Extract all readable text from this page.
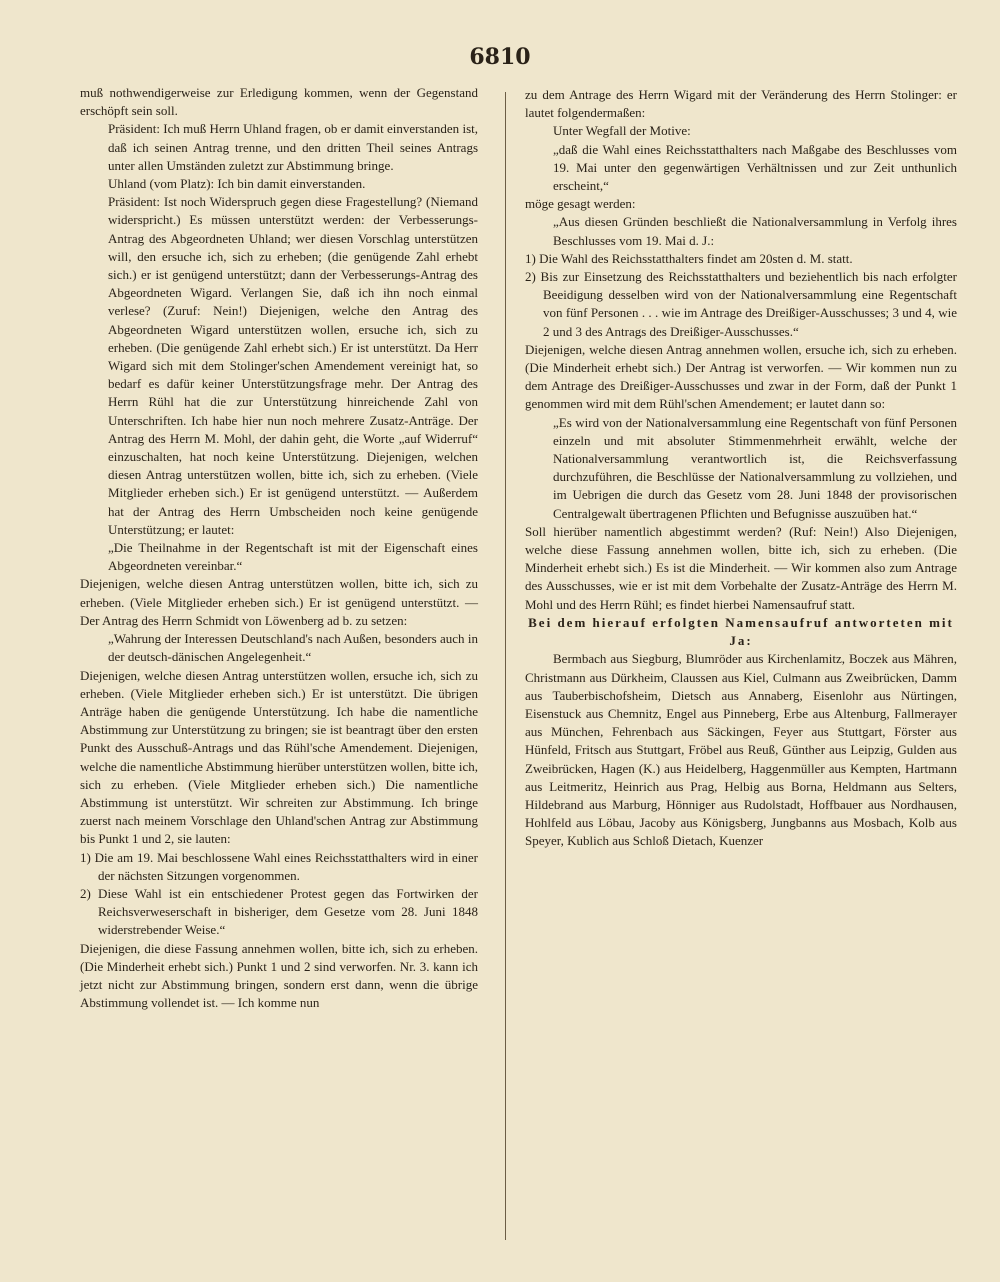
6810

muß nothwendigerweise zur Erledigung kommen, wenn der Gegenstand erschöpft sein soll.

Präsident: Ich muß Herrn Uhland fragen, ob er damit einverstanden ist, daß ich seinen Antrag trenne, und den dritten Theil seines Antrags unter allen Umständen zuletzt zur Abstimmung bringe.

Uhland (vom Platz): Ich bin damit einverstanden.

Präsident: Ist noch Widerspruch gegen diese Fragestellung? (Niemand widerspricht.) Es müssen unterstützt werden: der Verbesserungs-Antrag des Abgeordneten Uhland; wer diesen Vorschlag unterstützen will, den ersuche ich, sich zu erheben; (die genügende Zahl erhebt sich.) er ist genügend unterstützt; dann der Verbesserungs-Antrag des Abgeordneten Wigard. Verlangen Sie, daß ich ihn noch einmal verlese? (Zuruf: Nein!) Diejenigen, welche den Antrag des Abgeordneten Wigard unterstützen wollen, ersuche ich, sich zu erheben. (Die genügende Zahl erhebt sich.) Er ist unterstützt. Da Herr Wigard sich mit dem Stolinger'schen Amendement vereinigt hat, so bedarf es dafür keiner Unterstützungsfrage mehr. Der Antrag des Herrn Rühl hat die zur Unterstützung hinreichende Zahl von Unterschriften. Ich habe hier nun noch mehrere Zusatz-Anträge. Der Antrag des Herrn M. Mohl, der dahin geht, die Worte „auf Widerruf“ einzuschalten, hat noch keine Unterstützung. Diejenigen, welchen diesen Antrag unterstützen wollen, bitte ich, sich zu erheben. (Viele Mitglieder erheben sich.) Er ist genügend unterstützt. — Außerdem hat der Antrag des Herrn Umbscheiden noch keine genügende Unterstützung; er lautet:

„Die Theilnahme in der Regentschaft ist mit der Eigenschaft eines Abgeordneten vereinbar.“

Diejenigen, welche diesen Antrag unterstützen wollen, bitte ich, sich zu erheben. (Viele Mitglieder erheben sich.) Er ist genügend unterstützt. — Der Antrag des Herrn Schmidt von Löwenberg ad b. zu setzen:

„Wahrung der Interessen Deutschland's nach Außen, besonders auch in der deutsch-dänischen Angelegenheit.“

Diejenigen, welche diesen Antrag unterstützen wollen, ersuche ich, sich zu erheben. (Viele Mitglieder erheben sich.) Er ist unterstützt. Die übrigen Anträge haben die genügende Unterstützung. Ich habe die namentliche Abstimmung zur Unterstützung zu bringen; sie ist beantragt über den ersten Punkt des Ausschuß-Antrags und das Rühl'sche Amendement. Diejenigen, welche die namentliche Abstimmung hierüber unterstützen wollen, bitte ich, sich zu erheben. (Viele Mitglieder erheben sich.) Die namentliche Abstimmung ist unterstützt. Wir schreiten zur Abstimmung. Ich bringe zuerst nach meinem Vorschlage den Uhland'schen Antrag zur Abstimmung bis Punkt 1 und 2, sie lauten:

1) Die am 19. Mai beschlossene Wahl eines Reichsstatthalters wird in einer der nächsten Sitzungen vorgenommen.

2) Diese Wahl ist ein entschiedener Protest gegen das Fortwirken der Reichsverweserschaft in bisheriger, dem Gesetze vom 28. Juni 1848 widerstrebender Weise.“

Diejenigen, die diese Fassung annehmen wollen, bitte ich, sich zu erheben. (Die Minderheit erhebt sich.) Punkt 1 und 2 sind verworfen. Nr. 3. kann ich jetzt nicht zur Abstimmung bringen, sondern erst dann, wenn die übrige Abstimmung vollendet ist. — Ich komme nun

zu dem Antrage des Herrn Wigard mit der Veränderung des Herrn Stolinger: er lautet folgendermaßen:

Unter Wegfall der Motive:

„daß die Wahl eines Reichsstatthalters nach Maßgabe des Beschlusses vom 19. Mai unter den gegenwärtigen Verhältnissen und zur Zeit unthunlich erscheint,“

möge gesagt werden:

„Aus diesen Gründen beschließt die Nationalversammlung in Verfolg ihres Beschlusses vom 19. Mai d. J.:

1) Die Wahl des Reichsstatthalters findet am 20sten d. M. statt.

2) Bis zur Einsetzung des Reichsstatthalters und beziehentlich bis nach erfolgter Beeidigung desselben wird von der Nationalversammlung eine Regentschaft von fünf Personen . . . wie im Antrage des Dreißiger-Ausschusses; 3 und 4, wie 2 und 3 des Antrags des Dreißiger-Ausschusses.“

Diejenigen, welche diesen Antrag annehmen wollen, ersuche ich, sich zu erheben. (Die Minderheit erhebt sich.) Der Antrag ist verworfen. — Wir kommen nun zu dem Antrage des Dreißiger-Ausschusses und zwar in der Form, daß der Punkt 1 genommen wird mit dem Rühl'schen Amendement; er lautet dann so:

„Es wird von der Nationalversammlung eine Regentschaft von fünf Personen einzeln und mit absoluter Stimmenmehrheit erwählt, welche der Nationalversammlung verantwortlich ist, die Reichsverfassung durchzuführen, die Beschlüsse der Nationalversammlung zu vollziehen, und im Uebrigen die durch das Gesetz vom 28. Juni 1848 der provisorischen Centralgewalt übertragenen Pflichten und Befugnisse auszuüben hat.“

Soll hierüber namentlich abgestimmt werden? (Ruf: Nein!) Also Diejenigen, welche diese Fassung annehmen wollen, bitte ich, sich zu erheben. (Die Minderheit erhebt sich.) Es ist die Minderheit. — Wir kommen also zum Antrage des Ausschusses, wie er ist mit dem Vorbehalte der Zusatz-Anträge des Herrn M. Mohl und des Herrn Rühl; es findet hierbei Namensaufruf statt.

Bei dem hierauf erfolgten Namensaufruf antworteten mit Ja:

Bermbach aus Siegburg, Blumröder aus Kirchenlamitz, Boczek aus Mähren, Christmann aus Dürkheim, Claussen aus Kiel, Culmann aus Zweibrücken, Damm aus Tauberbischofsheim, Dietsch aus Annaberg, Eisenlohr aus Nürtingen, Eisenstuck aus Chemnitz, Engel aus Pinneberg, Erbe aus Altenburg, Fallmerayer aus München, Fehrenbach aus Säckingen, Feyer aus Stuttgart, Förster aus Hünfeld, Fritsch aus Stuttgart, Fröbel aus Reuß, Günther aus Leipzig, Gulden aus Zweibrücken, Hagen (K.) aus Heidelberg, Haggenmüller aus Kempten, Hartmann aus Leitmeritz, Heinrich aus Prag, Helbig aus Borna, Heldmann aus Selters, Hildebrand aus Marburg, Hönniger aus Rudolstadt, Hoffbauer aus Nordhausen, Hohlfeld aus Löbau, Jacoby aus Königsberg, Jungbanns aus Mosbach, Kolb aus Speyer, Kublich aus Schloß Dietach, Kuenzer
